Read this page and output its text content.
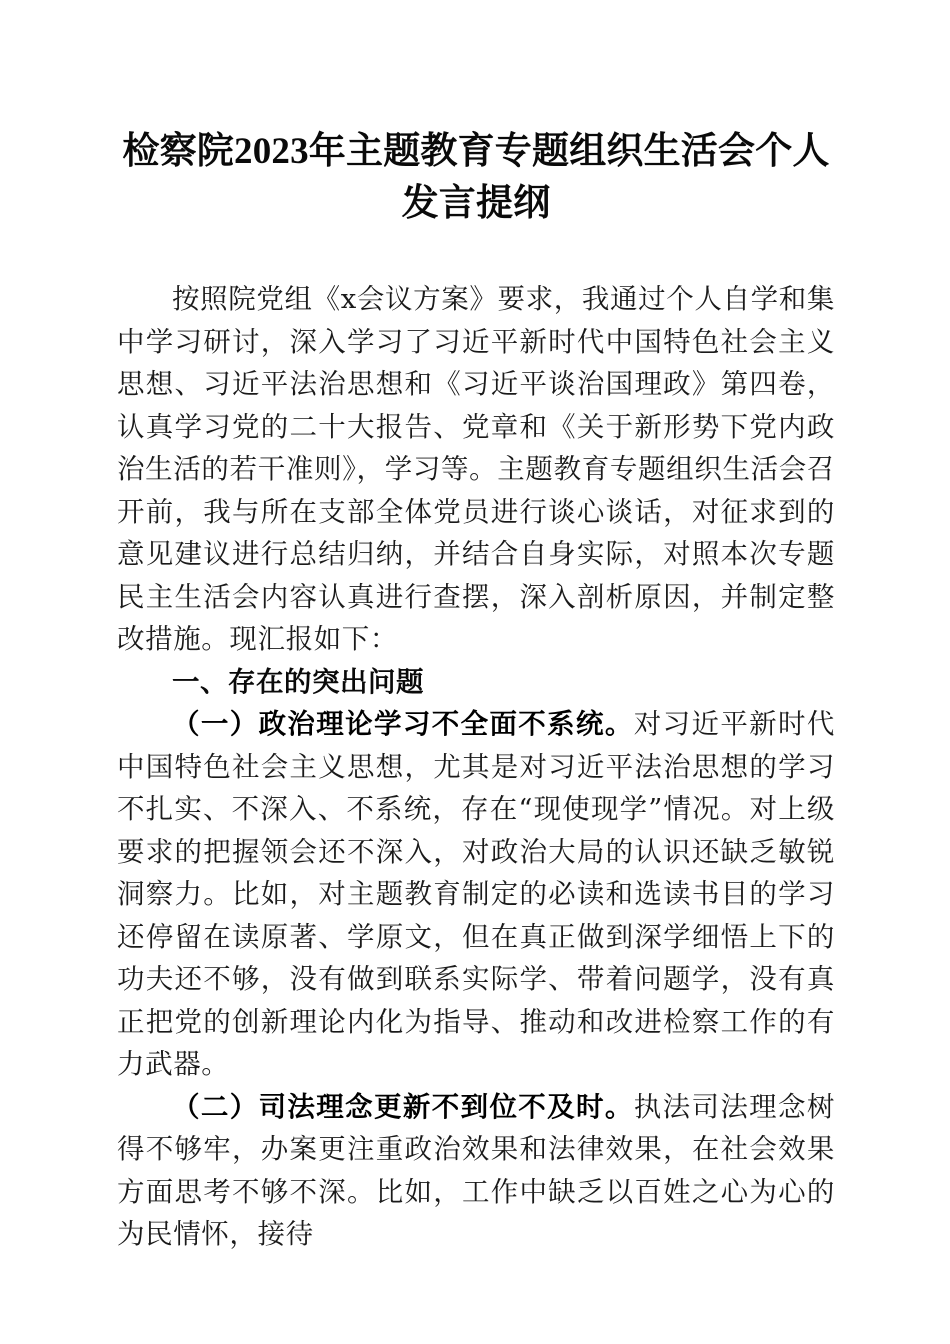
检察院2023年主题教育专题组织生活会个人发言提纲

按照院党组《x会议方案》要求，我通过个人自学和集中学习研讨，深入学习了习近平新时代中国特色社会主义思想、习近平法治思想和《习近平谈治国理政》第四卷，认真学习党的二十大报告、党章和《关于新形势下党内政治生活的若干准则》，学习等。主题教育专题组织生活会召开前，我与所在支部全体党员进行谈心谈话，对征求到的意见建议进行总结归纳，并结合自身实际，对照本次专题民主生活会内容认真进行查摆，深入剖析原因，并制定整改措施。现汇报如下：

一、存在的突出问题

（一）政治理论学习不全面不系统。对习近平新时代中国特色社会主义思想，尤其是对习近平法治思想的学习不扎实、不深入、不系统，存在“现使现学”情况。对上级要求的把握领会还不深入，对政治大局的认识还缺乏敏锐洞察力。比如，对主题教育制定的必读和选读书目的学习还停留在读原著、学原文，但在真正做到深学细悟上下的功夫还不够，没有做到联系实际学、带着问题学，没有真正把党的创新理论内化为指导、推动和改进检察工作的有力武器。

（二）司法理念更新不到位不及时。执法司法理念树得不够牢，办案更注重政治效果和法律效果，在社会效果方面思考不够不深。比如，工作中缺乏以百姓之心为心的为民情怀，接待
